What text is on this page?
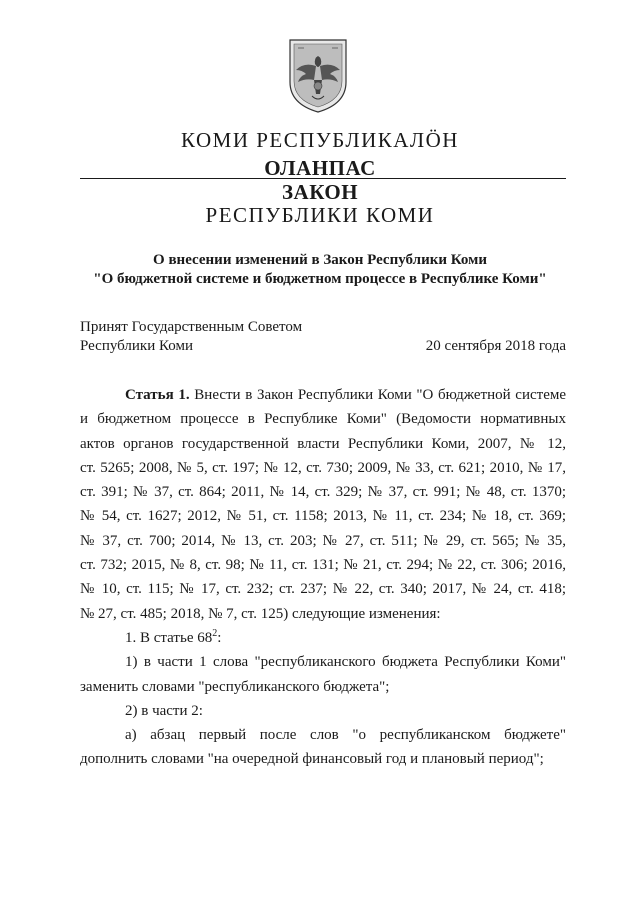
КОМИ РЕСПУБЛИКАЛӦН
ОЛАНПАС
ЗАКОН
РЕСПУБЛИКИ КОМИ
О внесении изменений в Закон Республики Коми
"О бюджетной системе и бюджетном процессе в Республике Коми"
Принят Государственным Советом
Республики Коми	20 сентября 2018 года
Статья 1. Внести в Закон Республики Коми "О бюджетной системе
и бюджетном процессе в Республике Коми" (Ведомости нормативных
актов органов государственной власти Республики Коми, 2007, № 12,
ст. 5265; 2008, № 5, ст. 197; № 12, ст. 730; 2009, № 33, ст. 621; 2010, № 17,
ст. 391; № 37, ст. 864; 2011, № 14, ст. 329; № 37, ст. 991; № 48, ст. 1370;
№ 54, ст. 1627; 2012, № 51, ст. 1158; 2013, № 11, ст. 234; № 18, ст. 369;
№ 37, ст. 700; 2014, № 13, ст. 203; № 27, ст. 511; № 29, ст. 565; № 35,
ст. 732; 2015, № 8, ст. 98; № 11, ст. 131; № 21, ст. 294; № 22, ст. 306; 2016,
№ 10, ст. 115; № 17, ст. 232; ст. 237; № 22, ст. 340; 2017, № 24, ст. 418;
№ 27, ст. 485; 2018, № 7, ст. 125) следующие изменения:
1. В статье $68^2$:
1) в части 1 слова "республиканского бюджета Республики Коми"
заменить словами "республиканского бюджета";
2) в части 2:
а) абзац первый после слов "о республиканском бюджете"
дополнить словами "на очередной финансовый год и плановый период";
